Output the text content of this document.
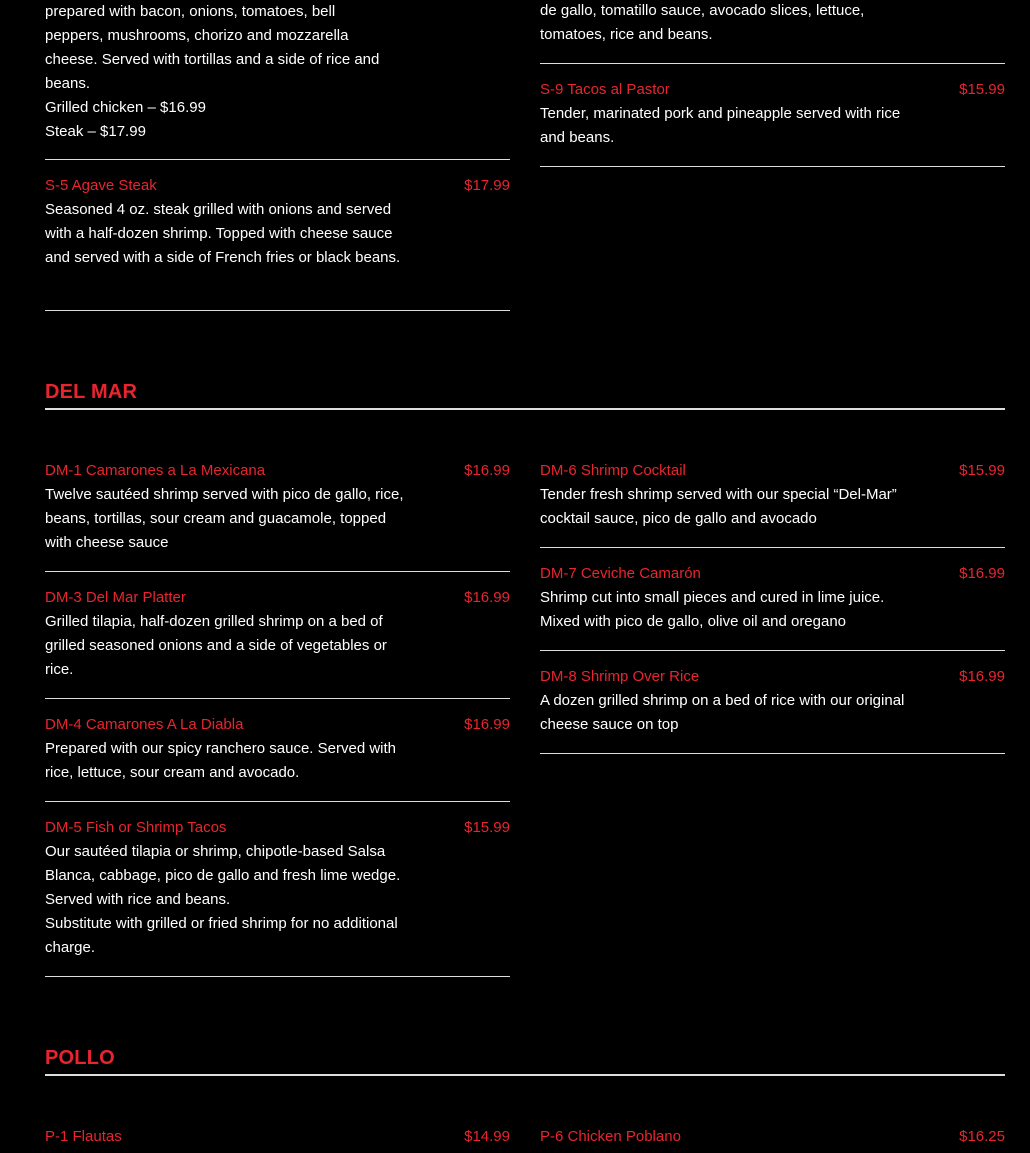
prepared with bacon, onions, tomatoes, bell
peppers, mushrooms, chorizo and mozzarella
cheese. Served with tortillas and a side of rice and
beans.
Grilled chicken – $16.99
Steak – $17.99
S-5 Agave Steak	$17.99
Seasoned 4 oz. steak grilled with onions and served with a half-dozen shrimp. Topped with cheese sauce and served with a side of French fries or black beans.
de gallo, tomatillo sauce, avocado slices, lettuce, tomatoes, rice and beans.
S-9 Tacos al Pastor	$15.99
Tender, marinated pork and pineapple served with rice and beans.
DEL MAR
DM-1 Camarones a La Mexicana	$16.99
Twelve sautéed shrimp served with pico de gallo, rice, beans, tortillas, sour cream and guacamole, topped with cheese sauce
DM-3 Del Mar Platter	$16.99
Grilled tilapia, half-dozen grilled shrimp on a bed of grilled seasoned onions and a side of vegetables or rice.
DM-4 Camarones A La Diabla	$16.99
Prepared with our spicy ranchero sauce. Served with rice, lettuce, sour cream and avocado.
DM-5 Fish or Shrimp Tacos	$15.99
Our sautéed tilapia or shrimp, chipotle-based Salsa Blanca, cabbage, pico de gallo and fresh lime wedge. Served with rice and beans.
Substitute with grilled or fried shrimp for no additional charge.
DM-6 Shrimp Cocktail	$15.99
Tender fresh shrimp served with our special “Del-Mar” cocktail sauce, pico de gallo and avocado
DM-7 Ceviche Camarón	$16.99
Shrimp cut into small pieces and cured in lime juice. Mixed with pico de gallo, olive oil and oregano
DM-8 Shrimp Over Rice	$16.99
A dozen grilled shrimp on a bed of rice with our original cheese sauce on top
POLLO
P-1 Flautas	$14.99 P-6 Chicken Poblano	$16.25
